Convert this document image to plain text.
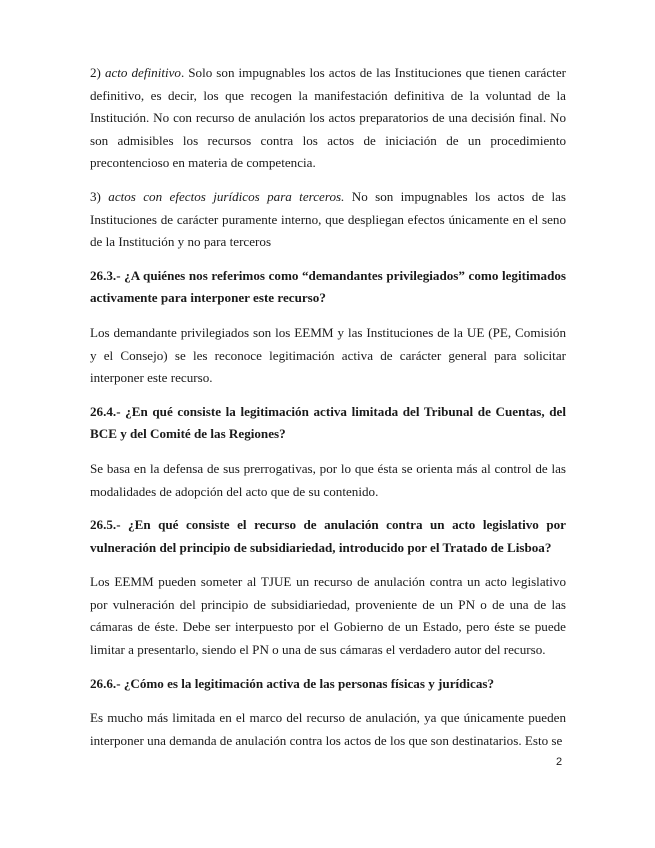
2) acto definitivo. Solo son impugnables los actos de las Instituciones que tienen carácter definitivo, es decir, los que recogen la manifestación definitiva de la voluntad de la Institución. No con recurso de anulación los actos preparatorios de una decisión final. No son admisibles los recursos contra los actos de iniciación de un procedimiento precontencioso en materia de competencia.

3) actos con efectos jurídicos para terceros. No son impugnables los actos de las Instituciones de carácter puramente interno, que despliegan efectos únicamente en el seno de la Institución y no para terceros

26.3.- ¿A quiénes nos referimos como “demandantes privilegiados” como legitimados activamente para interponer este recurso?

Los demandante privilegiados son los EEMM y las Instituciones de la UE (PE, Comisión y el Consejo) se les reconoce legitimación activa de carácter general para solicitar interponer este recurso.

26.4.- ¿En qué consiste la legitimación activa limitada del Tribunal de Cuentas, del BCE y del Comité de las Regiones?

Se basa en la defensa de sus prerrogativas, por lo que ésta se orienta más al control de las modalidades de adopción del acto que de su contenido.

26.5.- ¿En qué consiste el recurso de anulación contra un acto legislativo por vulneración del principio de subsidiariedad, introducido por el Tratado de Lisboa?

Los EEMM pueden someter al TJUE un recurso de anulación contra un acto legislativo por vulneración del principio de subsidiariedad, proveniente de un PN o de una de las cámaras de éste. Debe ser interpuesto por el Gobierno de un Estado, pero éste se puede limitar a presentarlo, siendo el PN o una de sus cámaras el verdadero autor del recurso.

26.6.- ¿Cómo es la legitimación activa de las personas físicas y jurídicas?

Es mucho más limitada en el marco del recurso de anulación, ya que únicamente pueden interponer una demanda de anulación contra los actos de los que son destinatarios. Esto se

2
